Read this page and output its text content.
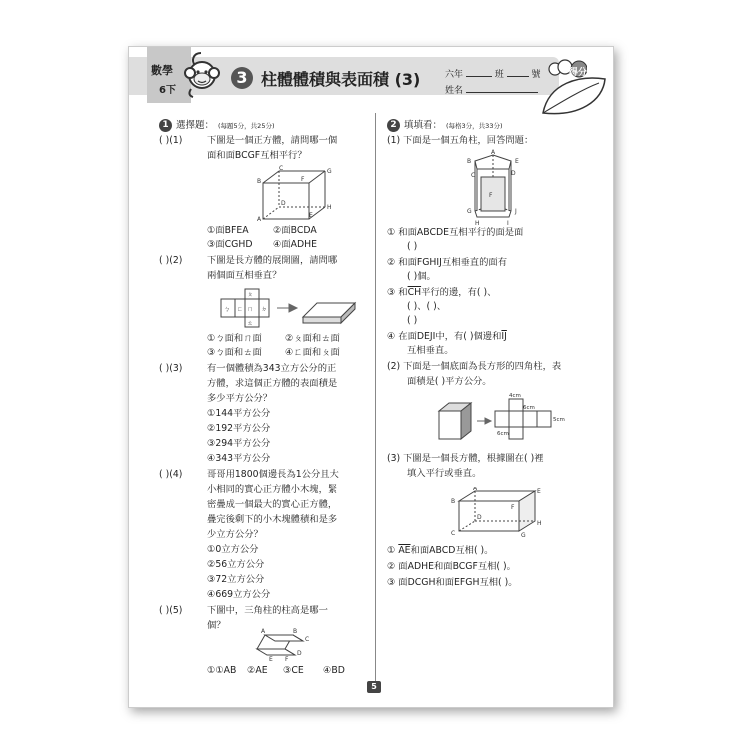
數學
6下
3 柱體體積與表面積 (3)	六年	班	號
姓名
得分
1 選擇題： (每題5分，共25分)
( )(1)	下圖是一個正方體，請問哪一個
面和面BCGF互相平行？
B
C
A
D
G
F
E
H
①面BFEA	②面BCDA
③面CGHD ④面ADHE
( )(2)	下圖是長方體的展開圖，請問哪
兩個面互相垂直？
ㄅ
ㄆ
ㄇ
ㄈ
ㄊ
ㄉ
①ㄅ面和ㄇ面 ②ㄆ面和ㄊ面
③ㄅ面和ㄊ面 ④ㄈ面和ㄆ面
( )(3)	有一個體積為343立方公分的正
方體，求這個正方體的表面積是
多少平方公分？
①144平方公分
②192平方公分
③294平方公分
④343平方公分
( )(4)	哥哥用1800個邊長為1公分且大
小相同的實心正方體小木塊，緊
密疊成一個最大的實心正方體，
疊完後剩下的小木塊體積和是多
少立方公分？
①0立方公分
②56立方公分
③72立方公分
④669立方公分
( )(5)	下圖中，三角柱的柱高是哪一
個？
A	B
C
D
E F
①①AB ②AE ③CE ④BD
2 填填看： (每格3分，共33分)
(1) 下面是一個五角柱，回答問題：
A
B
C	D
E
F
G
H	I
J
① 和面ABCDE互相平行的面是面
( )
② 和面FGHIJ互相垂直的面有
( )個。
③ 和$\overline{CH}$平行的邊，有( )、
( )、( )、
( )
④ 在面DEJI中，有( )個邊和$\overline{IJ}$
互相垂直。
(2) 下面是一個底面為長方形的四角柱，表
面積是( )平方公分。
4cm
6cm
5cm
6cm
(3) 下圖是一個長方體，根據圖在( )裡
填入平行或垂直。
A	E
B
F
D
C	G
H
① $\overline{AE}$和面ABCD互相( )。
② 面ADHE和面BCGF互相( )。
③ 面DCGH和面EFGH互相( )。
5
